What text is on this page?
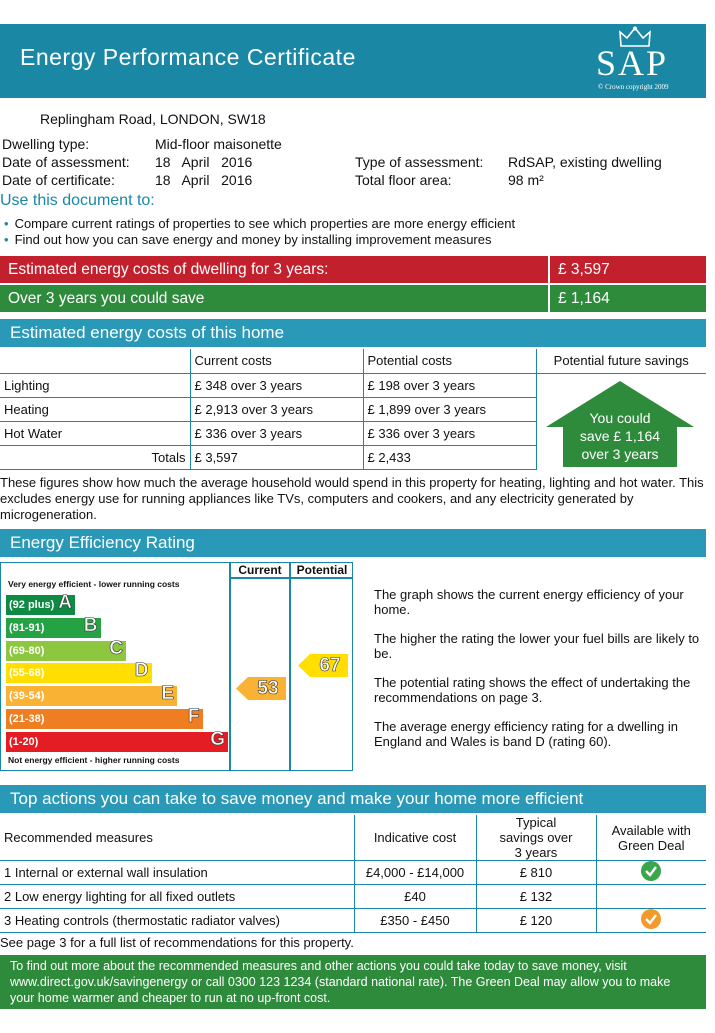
Energy Performance Certificate	SAP
© Crown copyright 2009
Replingham Road, LONDON, SW18
Dwelling type:	Mid-floor maisonette
Date of assessment: 18   April   2016
Date of certificate:	18   April   2016
Type of assessment: RdSAP, existing dwelling
Total floor area:	98 m²
Use this document to:
• Compare current ratings of properties to see which properties are more energy efficient
• Find out how you can save energy and money by installing improvement measures
Estimated energy costs of dwelling for 3 years:	£ 3,597
Over 3 years you could save	£ 1,164
Estimated energy costs of this home
	Current costs	Potential costs	Potential future savings
Lighting	£ 348 over 3 years	£ 198 over 3 years	
Heating	£ 2,913 over 3 years	£ 1,899 over 3 years	
Hot Water	£ 336 over 3 years	£ 336 over 3 years	
Totals	£ 3,597	£ 2,433	
You could
save £ 1,164
over 3 years
These figures show how much the average household would spend in this property for heating, lighting and hot water. This excludes energy use for running appliances like TVs, computers and cookers, and any electricity generated by microgeneration.
Energy Efficiency Rating
Current	Potential
Very energy efficient - lower running costs
(92 plus) A
(81-91) B
(69-80)	C
(55-68)	D
(39-54)	E
(21-38)	F
(1-20)	G
Not energy efficient - higher running costs
53
67

The graph shows the current energy efficiency of your home.

The higher the rating the lower your fuel bills are likely to be.

The potential rating shows the effect of undertaking the recommendations on page 3.

The average energy efficiency rating for a dwelling in England and Wales is band D (rating 60).

Top actions you can take to save money and make your home more efficient
Recommended measures	Indicative cost	Typical savings over 3 years	Available with Green Deal
1 Internal or external wall insulation	£4,000 - £14,000	£ 810	
2 Low energy lighting for all fixed outlets	£40	£ 132	
3 Heating controls (thermostatic radiator valves)	£350 - £450	£ 120	
See page 3 for a full list of recommendations for this property.
To find out more about the recommended measures and other actions you could take today to save money, visit www.direct.gov.uk/savingenergy or call 0300 123 1234 (standard national rate). The Green Deal may allow you to make your home warmer and cheaper to run at no up-front cost.
